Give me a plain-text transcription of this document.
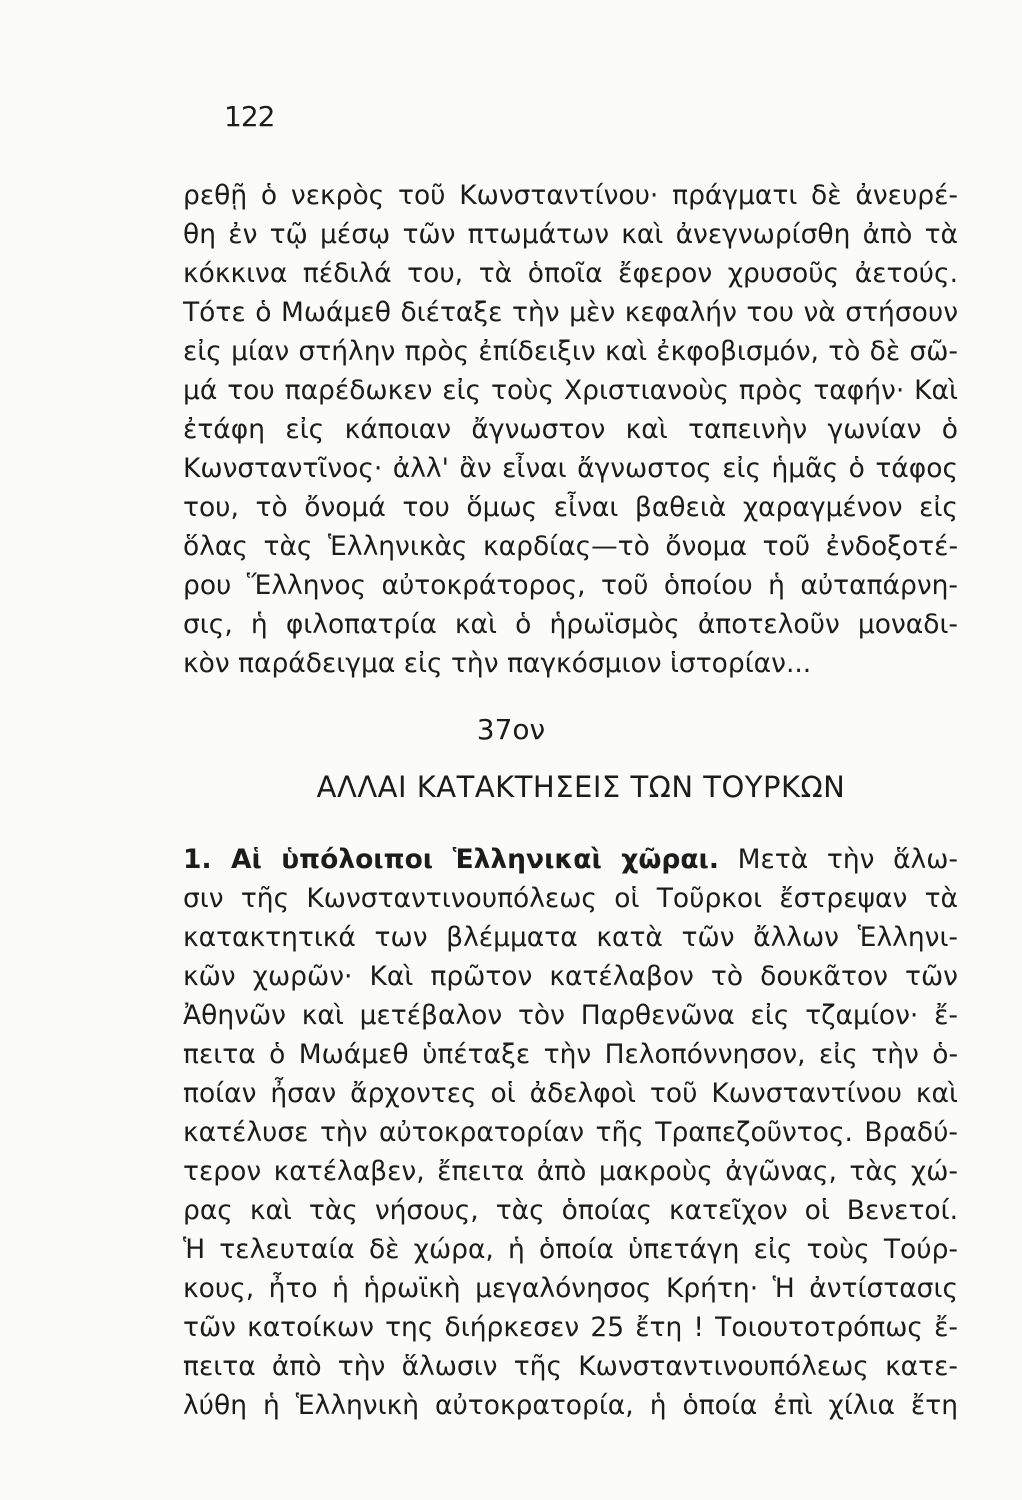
122
ρεθῇ ὁ νεκρὸς τοῦ Κωνσταντίνου· πράγματι δὲ ἀνευρέ-
θη ἐν τῷ μέσῳ τῶν πτωμάτων καὶ ἀνεγνωρίσθη ἀπὸ τὰ
κόκκινα πέδιλά του, τὰ ὁποῖα ἔφερον χρυσοῦς ἀετούς.
Τότε ὁ Μωάμεθ διέταξε τὴν μὲν κεφαλήν του νὰ στήσουν
εἰς μίαν στήλην πρὸς ἐπίδειξιν καὶ ἐκφοβισμόν, τὸ δὲ σῶ-
μά του παρέδωκεν εἰς τοὺς Χριστιανοὺς πρὸς ταφήν· Καὶ
ἐτάφη εἰς κάποιαν ἄγνωστον καὶ ταπεινὴν γωνίαν ὁ
Κωνσταντῖνος· ἀλλ' ἂν εἶναι ἄγνωστος εἰς ἡμᾶς ὁ τάφος
του, τὸ ὄνομά του ὅμως εἶναι βαθειὰ χαραγμένον εἰς
ὅλας τὰς Ἑλληνικὰς καρδίας—τὸ ὄνομα τοῦ ἐνδοξοτέ-
ρου Ἕλληνος αὐτοκράτορος, τοῦ ὁποίου ἡ αὐταπάρνη-
σις, ἡ φιλοπατρία καὶ ὁ ἡρωϊσμὸς ἀποτελοῦν μοναδι-
κὸν παράδειγμα εἰς τὴν παγκόσμιον ἱστορίαν...
37ον
ΑΛΛΑΙ ΚΑΤΑΚΤΗΣΕΙΣ ΤΩΝ ΤΟΥΡΚΩΝ
1. Αἱ ὑπόλοιποι Ἑλληνικαὶ χῶραι. Μετὰ τὴν ἅλω-
σιν τῆς Κωνσταντινουπόλεως οἱ Τοῦρκοι ἔστρεψαν τὰ
κατακτητικά των βλέμματα κατὰ τῶν ἄλλων Ἑλληνι-
κῶν χωρῶν· Καὶ πρῶτον κατέλαβον τὸ δουκᾶτον τῶν
Ἀθηνῶν καὶ μετέβαλον τὸν Παρθενῶνα εἰς τζαμίον· ἔ-
πειτα ὁ Μωάμεθ ὑπέταξε τὴν Πελοπόννησον, εἰς τὴν ὁ-
ποίαν ἦσαν ἄρχοντες οἱ ἀδελφοὶ τοῦ Κωνσταντίνου καὶ
κατέλυσε τὴν αὐτοκρατορίαν τῆς Τραπεζοῦντος. Βραδύ-
τερον κατέλαβεν, ἔπειτα ἀπὸ μακροὺς ἀγῶνας, τὰς χώ-
ρας καὶ τὰς νήσους, τὰς ὁποίας κατεῖχον οἱ Βενετοί.
Ἡ τελευταία δὲ χώρα, ἡ ὁποία ὑπετάγη εἰς τοὺς Τούρ-
κους, ἦτο ἡ ἡρωϊκὴ μεγαλόνησος Κρήτη· Ἡ ἀντίστασις
τῶν κατοίκων της διήρκεσεν 25 ἔτη ! Τοιουτοτρόπως ἔ-
πειτα ἀπὸ τὴν ἅλωσιν τῆς Κωνσταντινουπόλεως κατε-
λύθη ἡ Ἑλληνικὴ αὐτοκρατορία, ἡ ὁποία ἐπὶ χίλια ἔτη
